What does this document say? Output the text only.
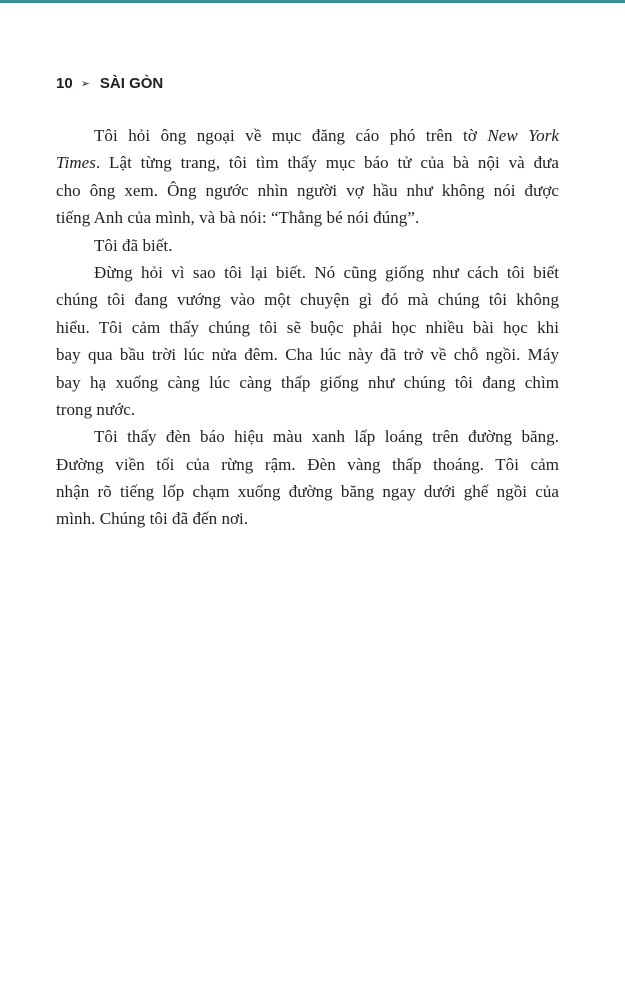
10 ➢ SÀI GÒN
Tôi hỏi ông ngoại về mục đăng cáo phó trên tờ New York
Times. Lật từng trang, tôi tìm thấy mục báo tử của bà nội và đưa
cho ông xem. Ông ngước nhìn người vợ hầu như không nói được
tiếng Anh của mình, và bà nói: “Thằng bé nói đúng”.
Tôi đã biết.
Đừng hỏi vì sao tôi lại biết. Nó cũng giống như cách tôi biết
chúng tôi đang vướng vào một chuyện gì đó mà chúng tôi không
hiểu. Tôi cảm thấy chúng tôi sẽ buộc phải học nhiều bài học khi
bay qua bầu trời lúc nửa đêm. Cha lúc này đã trở về chỗ ngồi. Máy
bay hạ xuống càng lúc càng thấp giống như chúng tôi đang chìm
trong nước.
Tôi thấy đèn báo hiệu màu xanh lấp loáng trên đường băng.
Đường viền tối của rừng rậm. Đèn vàng thấp thoáng. Tôi cảm
nhận rõ tiếng lốp chạm xuống đường băng ngay dưới ghế ngồi của
mình. Chúng tôi đã đến nơi.
